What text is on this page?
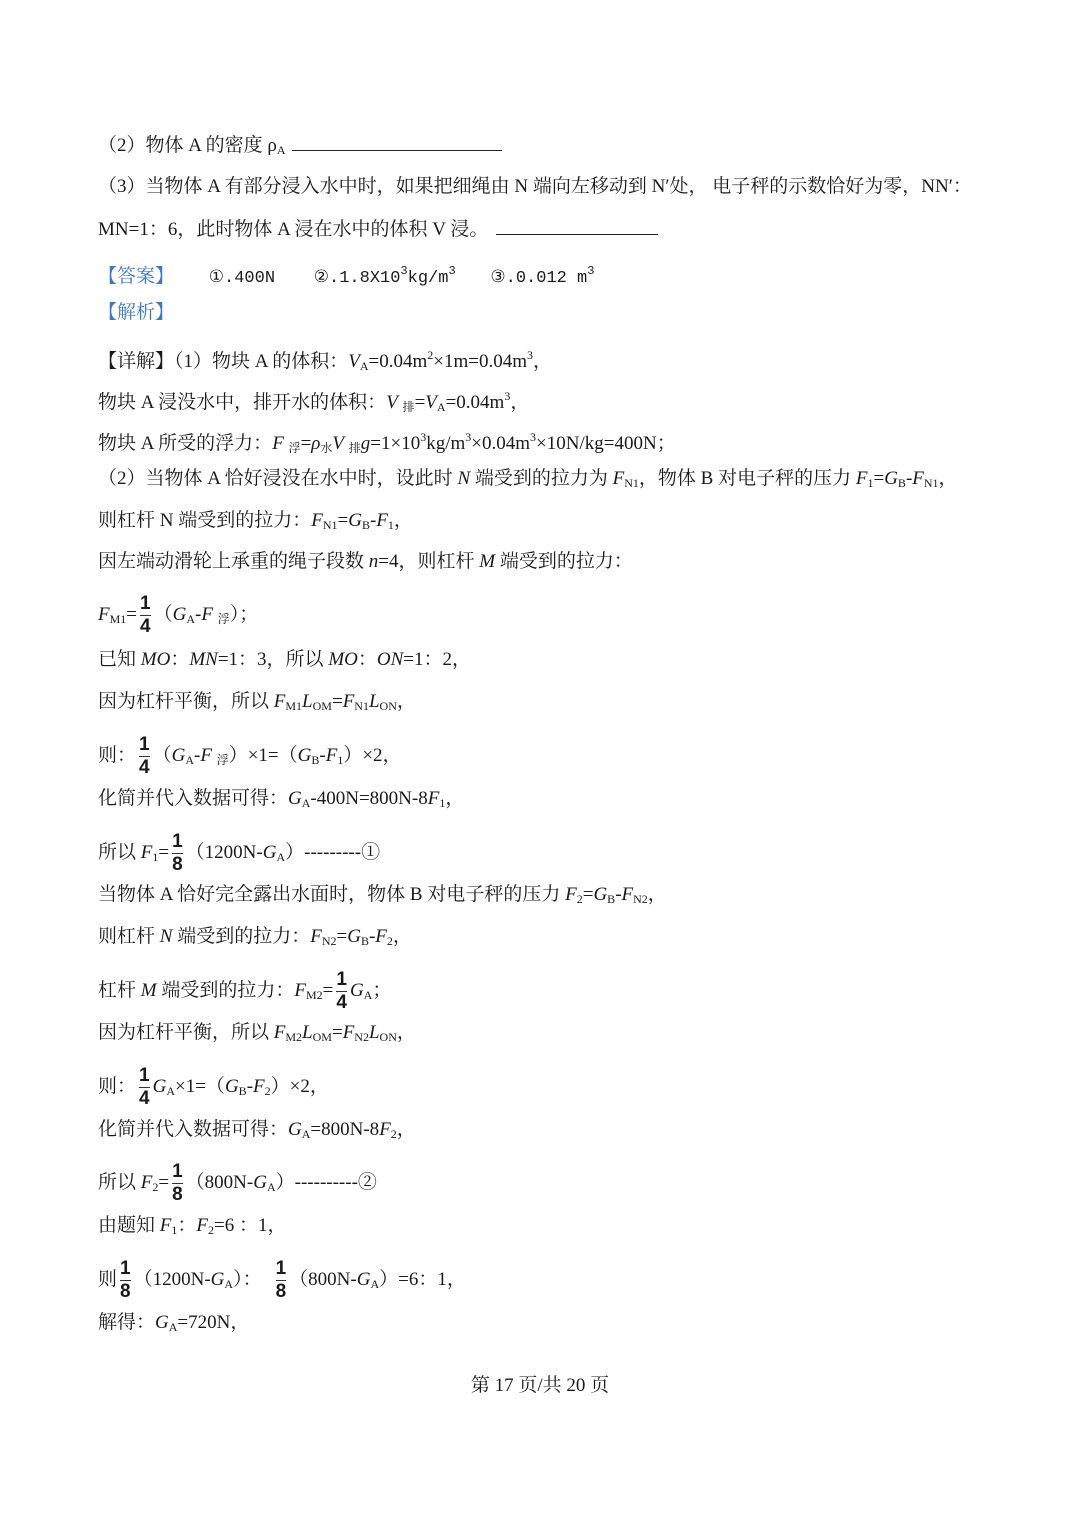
（2）物体 A 的密度 $\rho_A$
（3）当物体 A 有部分浸入水中时，如果把细绳由 N 端向左移动到 N′处， 电子秤的示数恰好为零，NN′：
MN=1：6，此时物体 A 浸在水中的体积 V 浸。
【答案】 ①.400N $②.1.8X10^3kg/m^3$ ③.0.012 $m^3$
【解析】
【详解】（1）物块 A 的体积：$V_A=0.04m^2\times 1m=0.04m^3$，
物块 A 浸没水中，排开水的体积：V $_排=V_A=0.04m^3$，
物块 A 所受的浮力：F $_浮=\rho_水V$ $_排g=1\times 10^3kg/m^3\times 0.04m^3\times 10N/kg=400N$；
（2）当物体 A 恰好浸没在水中时，设此时 N 端受到的拉力为 $F_{N1}$，物体 B 对电子秤的压力 $F_1=G_B-F_{N1}$，
则杠杆 N 端受到的拉力：$F_{N1}=G_B-F_1$，
因左端动滑轮上承重的绳子段数 n=4，则杠杆 M 端受到的拉力：
$F_{M1}= \frac{1}{4} (G_A-F$ $_浮$）；
已知 MO：MN=1：3，所以 MO：ON=1：2，
因为杠杆平衡，所以 $F_{M1}L_{OM}=F_{N1}L_{ON}$，
则： $\frac{1}{4} (G_A-F$ $_浮)\times 1=(G_B-F_1)\times 2$，
化简并代入数据可得：$G_A-400N=800N-8F_1$，
所以 $F_1= \frac{1}{8}$ $(1200N-G_A)---------①$
当物体 A 恰好完全露出水面时，物体 B 对电子秤的压力 $F_2=G_B-F_{N2}$，
则杠杆 N 端受到的拉力：$F_{N2}=G_B-F_2$，
杠杆 M 端受到的拉力：$F_{M2}= \frac{1}{4} G_A$；
因为杠杆平衡，所以 $F_{M2}L_{OM}=F_{N2}L_{ON}$，
则： $\frac{1}{4} G_A\times 1=(G_B-F_2)\times 2$，
化简并代入数据可得：$G_A=800N-8F_2$，
所以 $F_2= \frac{1}{8}$ $(800N-G_A)----------②$
由题知 $F_1$：$F_2=6$ ：1，
则 $\frac{1}{8} (1200N-G_A)$： $\frac{1}{8} (800N-G_A)=6$：1，
解得：$G_A=720N$，
第 17 页/共 20 页
